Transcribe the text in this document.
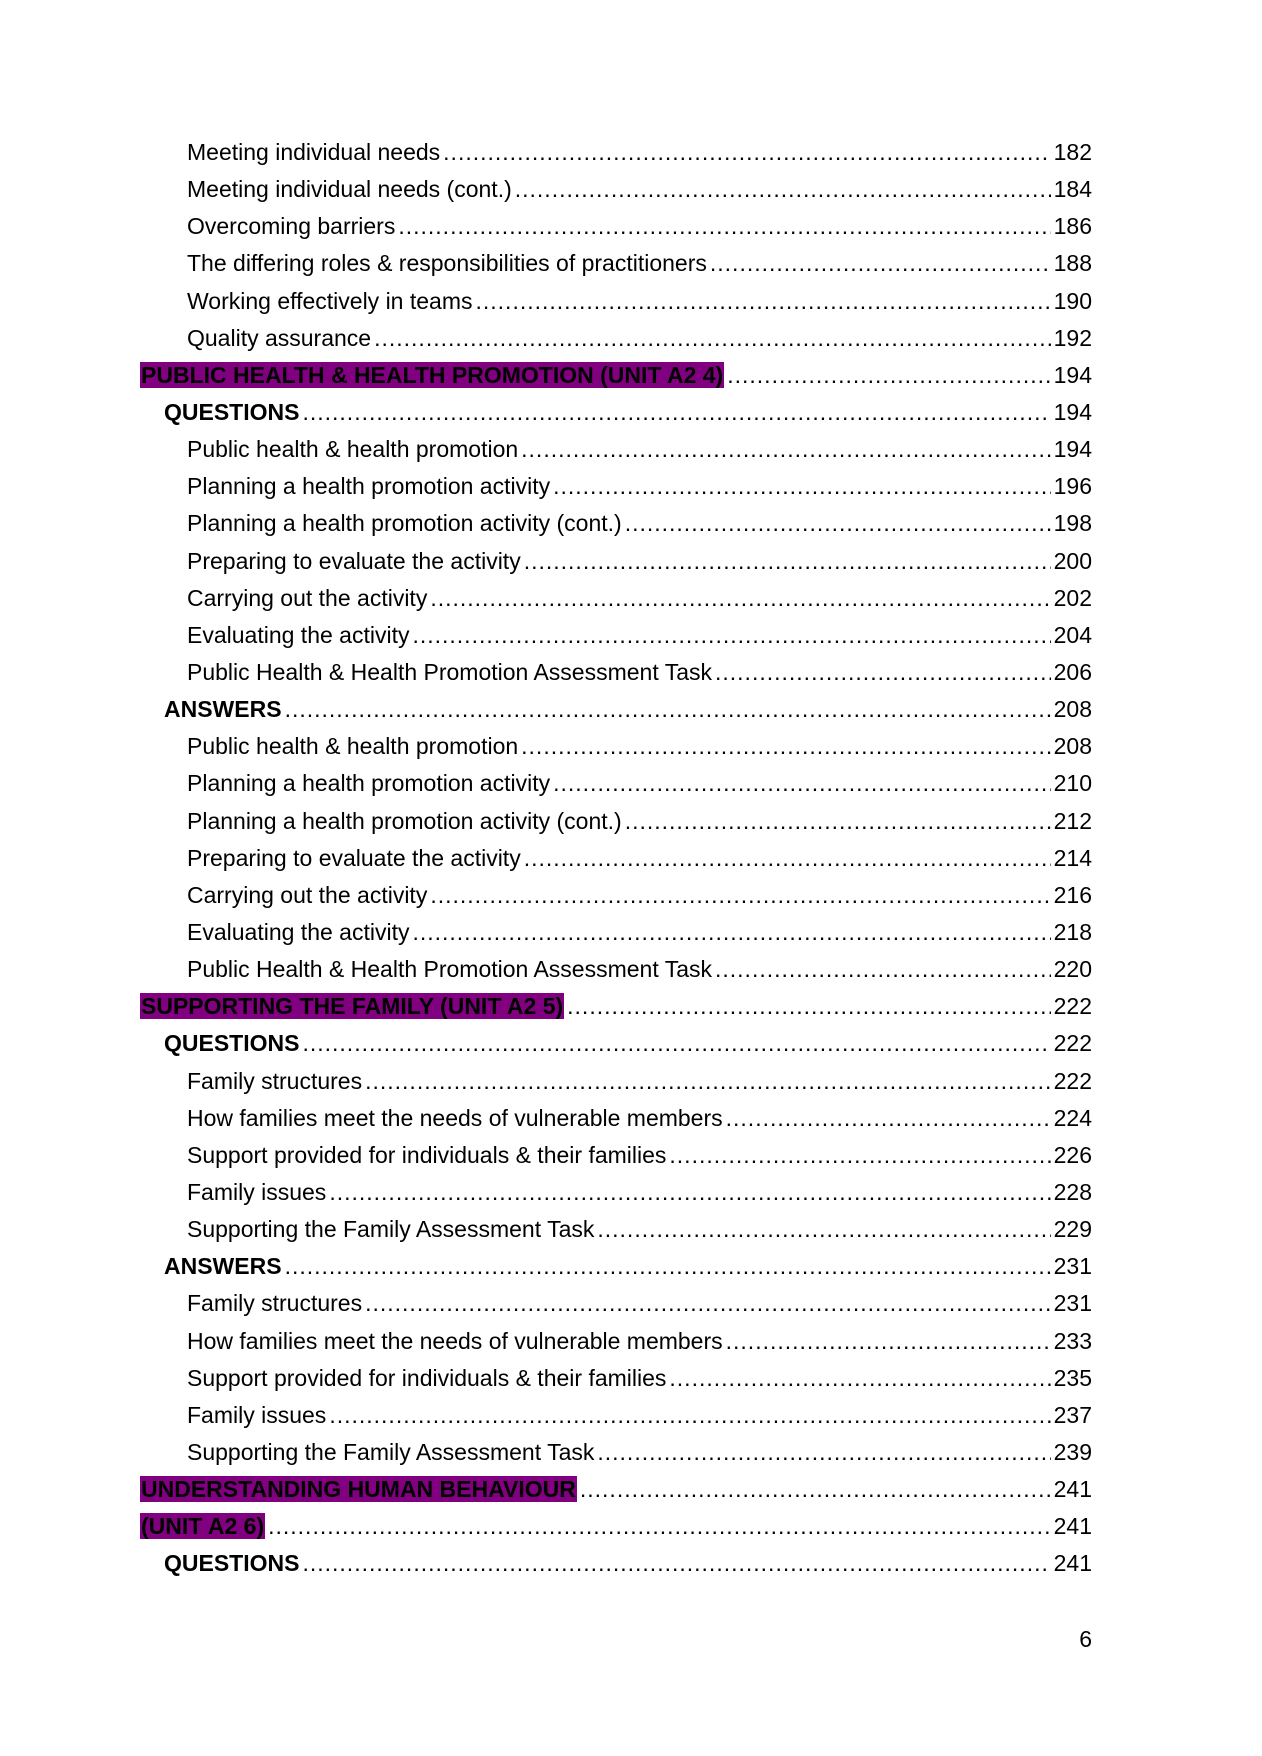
Meeting individual needs .....	182
Meeting individual needs (cont.) .....	184
Overcoming barriers .....	186
The differing roles & responsibilities of practitioners .....	188
Working effectively in teams .....	190
Quality assurance .....	192
PUBLIC HEALTH & HEALTH PROMOTION (UNIT A2 4) .....	194
QUESTIONS .....	194
Public health & health promotion .....	194
Planning a health promotion activity .....	196
Planning a health promotion activity (cont.) .....	198
Preparing to evaluate the activity .....	200
Carrying out the activity .....	202
Evaluating the activity .....	204
Public Health & Health Promotion Assessment Task .....	206
ANSWERS .....	208
Public health & health promotion .....	208
Planning a health promotion activity .....	210
Planning a health promotion activity (cont.) .....	212
Preparing to evaluate the activity .....	214
Carrying out the activity .....	216
Evaluating the activity .....	218
Public Health & Health Promotion Assessment Task .....	220
SUPPORTING THE FAMILY (UNIT A2 5) .....	222
QUESTIONS .....	222
Family structures .....	222
How families meet the needs of vulnerable members .....	224
Support provided for individuals & their families .....	226
Family issues .....	228
Supporting the Family Assessment Task .....	229
ANSWERS .....	231
Family structures .....	231
How families meet the needs of vulnerable members .....	233
Support provided for individuals & their families .....	235
Family issues .....	237
Supporting the Family Assessment Task .....	239
UNDERSTANDING HUMAN BEHAVIOUR .....	241
(UNIT A2 6) .....	241
QUESTIONS .....	241
6
